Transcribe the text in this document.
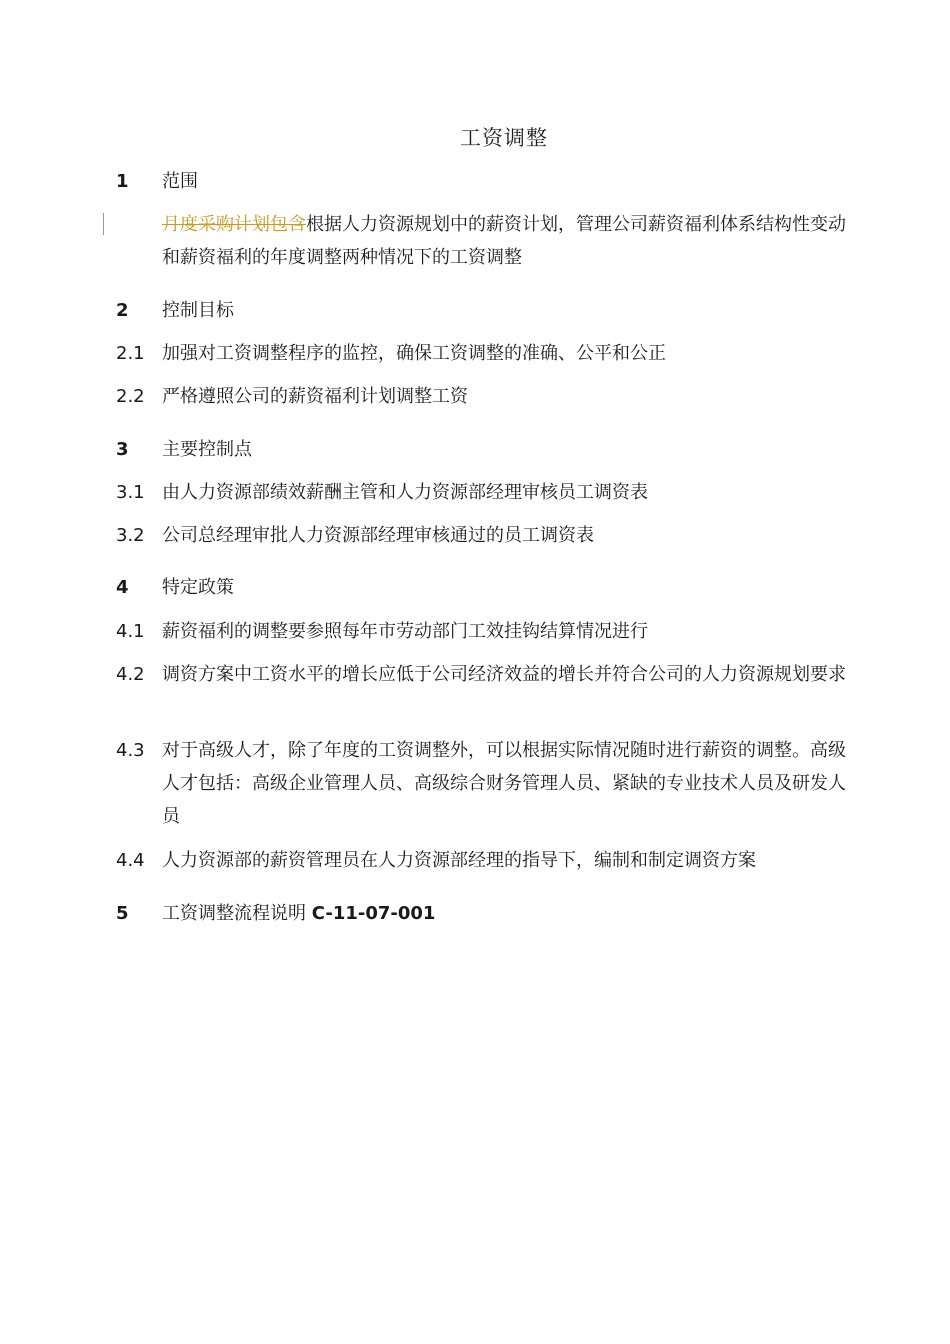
工资调整
1 范围
月度采购计划包含根据人力资源规划中的薪资计划，管理公司薪资福利体系结构性变动和薪资福利的年度调整两种情况下的工资调整
2 控制目标
2.1 加强对工资调整程序的监控，确保工资调整的准确、公平和公正
2.2 严格遵照公司的薪资福利计划调整工资
3 主要控制点
3.1 由人力资源部绩效薪酬主管和人力资源部经理审核员工调资表
3.2 公司总经理审批人力资源部经理审核通过的员工调资表
4 特定政策
4.1 薪资福利的调整要参照每年市劳动部门工效挂钩结算情况进行
4.2 调资方案中工资水平的增长应低于公司经济效益的增长并符合公司的人力资源规划要求
4.3 对于高级人才，除了年度的工资调整外，可以根据实际情况随时进行薪资的调整。高级人才包括：高级企业管理人员、高级综合财务管理人员、紧缺的专业技术人员及研发人员
4.4 人力资源部的薪资管理员在人力资源部经理的指导下，编制和制定调资方案
5 工资调整流程说明 C-11-07-001
